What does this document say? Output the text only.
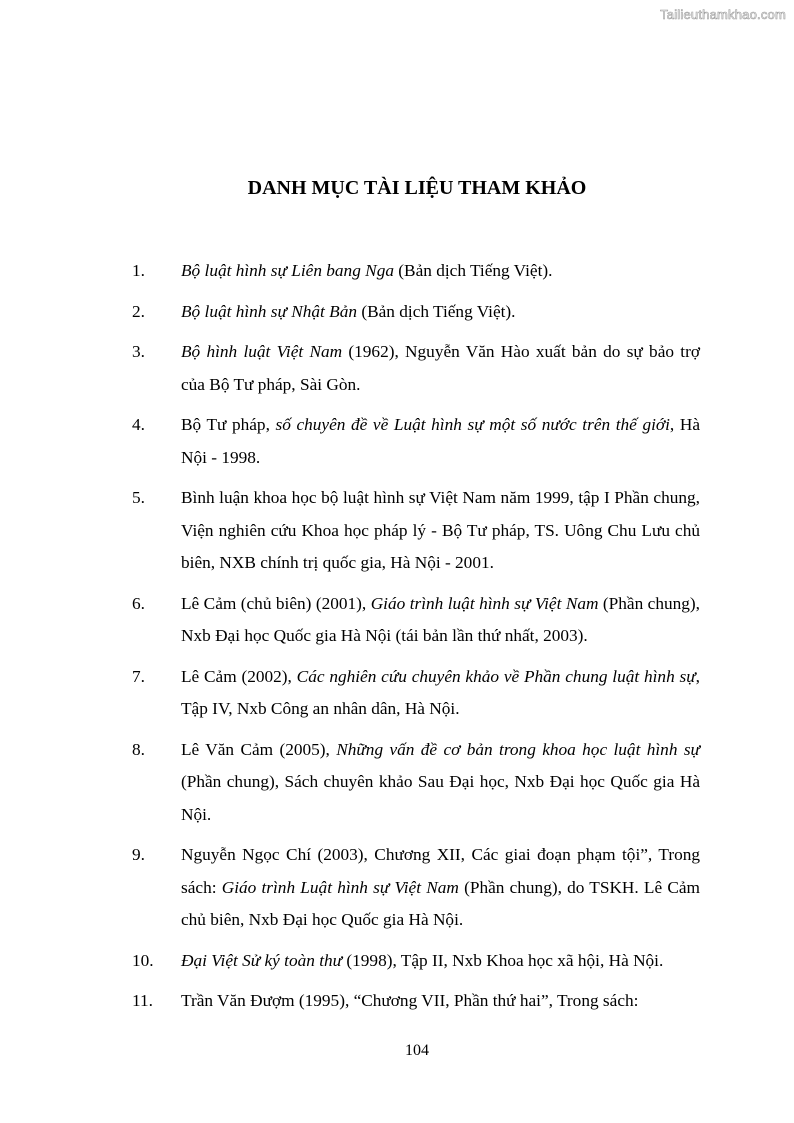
Tailieuthamkhao.com
DANH MỤC TÀI LIỆU THAM KHẢO
1.	Bộ luật hình sự Liên bang Nga (Bản dịch Tiếng Việt).
2.	Bộ luật hình sự Nhật Bản (Bản dịch Tiếng Việt).
3.	Bộ hình luật Việt Nam (1962), Nguyễn Văn Hào xuất bản do sự bảo trợ của Bộ Tư pháp, Sài Gòn.
4.	Bộ Tư pháp, số chuyên đề về Luật hình sự một số nước trên thế giới, Hà Nội - 1998.
5.	Bình luận khoa học bộ luật hình sự Việt Nam năm 1999, tập I Phần chung, Viện nghiên cứu Khoa học pháp lý - Bộ Tư pháp, TS. Uông Chu Lưu chủ biên, NXB chính trị quốc gia, Hà Nội - 2001.
6.	Lê Cảm (chủ biên) (2001), Giáo trình luật hình sự Việt Nam (Phần chung), Nxb Đại học Quốc gia Hà Nội (tái bản lần thứ nhất, 2003).
7.	Lê Cảm (2002), Các nghiên cứu chuyên khảo về Phần chung luật hình sự, Tập IV, Nxb Công an nhân dân, Hà Nội.
8.	Lê Văn Cảm (2005), Những vấn đề cơ bản trong khoa học luật hình sự (Phần chung), Sách chuyên khảo Sau Đại học, Nxb Đại học Quốc gia Hà Nội.
9.	Nguyễn Ngọc Chí (2003), Chương XII, Các giai đoạn phạm tội”, Trong sách: Giáo trình Luật hình sự Việt Nam (Phần chung), do TSKH. Lê Cảm chủ biên, Nxb Đại học Quốc gia Hà Nội.
10.	Đại Việt Sử ký toàn thư (1998), Tập II, Nxb Khoa học xã hội, Hà Nội.
11.	Trần Văn Đượm (1995), “Chương VII, Phần thứ hai”, Trong sách:
104
